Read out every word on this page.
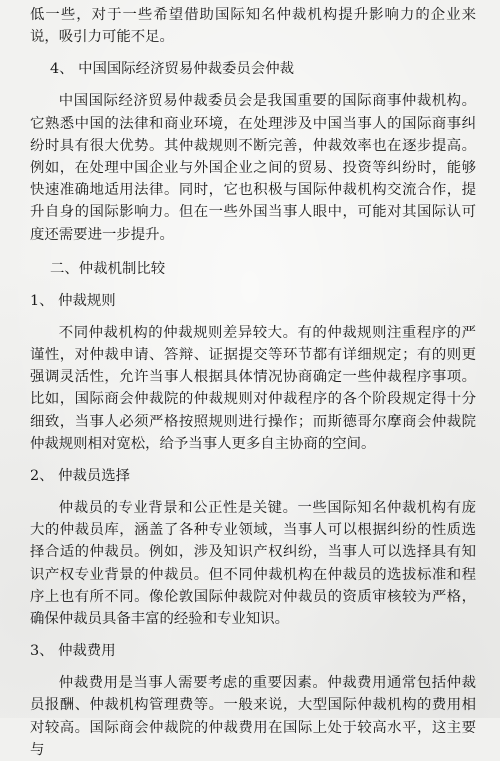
低一些，对于一些希望借助国际知名仲裁机构提升影响力的企业来说，吸引力可能不足。

4、 中国国际经济贸易仲裁委员会仲裁

中国国际经济贸易仲裁委员会是我国重要的国际商事仲裁机构。它熟悉中国的法律和商业环境，在处理涉及中国当事人的国际商事纠纷时具有很大优势。其仲裁规则不断完善，仲裁效率也在逐步提高。例如，在处理中国企业与外国企业之间的贸易、投资等纠纷时，能够快速准确地适用法律。同时，它也积极与国际仲裁机构交流合作，提升自身的国际影响力。但在一些外国当事人眼中，可能对其国际认可度还需要进一步提升。

二、仲裁机制比较

1、 仲裁规则

不同仲裁机构的仲裁规则差异较大。有的仲裁规则注重程序的严谨性，对仲裁申请、答辩、证据提交等环节都有详细规定；有的则更强调灵活性，允许当事人根据具体情况协商确定一些仲裁程序事项。比如，国际商会仲裁院的仲裁规则对仲裁程序的各个阶段规定得十分细致，当事人必须严格按照规则进行操作；而斯德哥尔摩商会仲裁院仲裁规则相对宽松，给予当事人更多自主协商的空间。

2、 仲裁员选择

仲裁员的专业背景和公正性是关键。一些国际知名仲裁机构有庞大的仲裁员库，涵盖了各种专业领域，当事人可以根据纠纷的性质选择合适的仲裁员。例如，涉及知识产权纠纷，当事人可以选择具有知识产权专业背景的仲裁员。但不同仲裁机构在仲裁员的选拔标准和程序上也有所不同。像伦敦国际仲裁院对仲裁员的资质审核较为严格，确保仲裁员具备丰富的经验和专业知识。

3、 仲裁费用

仲裁费用是当事人需要考虑的重要因素。仲裁费用通常包括仲裁员报酬、仲裁机构管理费等。一般来说，大型国际仲裁机构的费用相对较高。国际商会仲裁院的仲裁费用在国际上处于较高水平，这主要与
